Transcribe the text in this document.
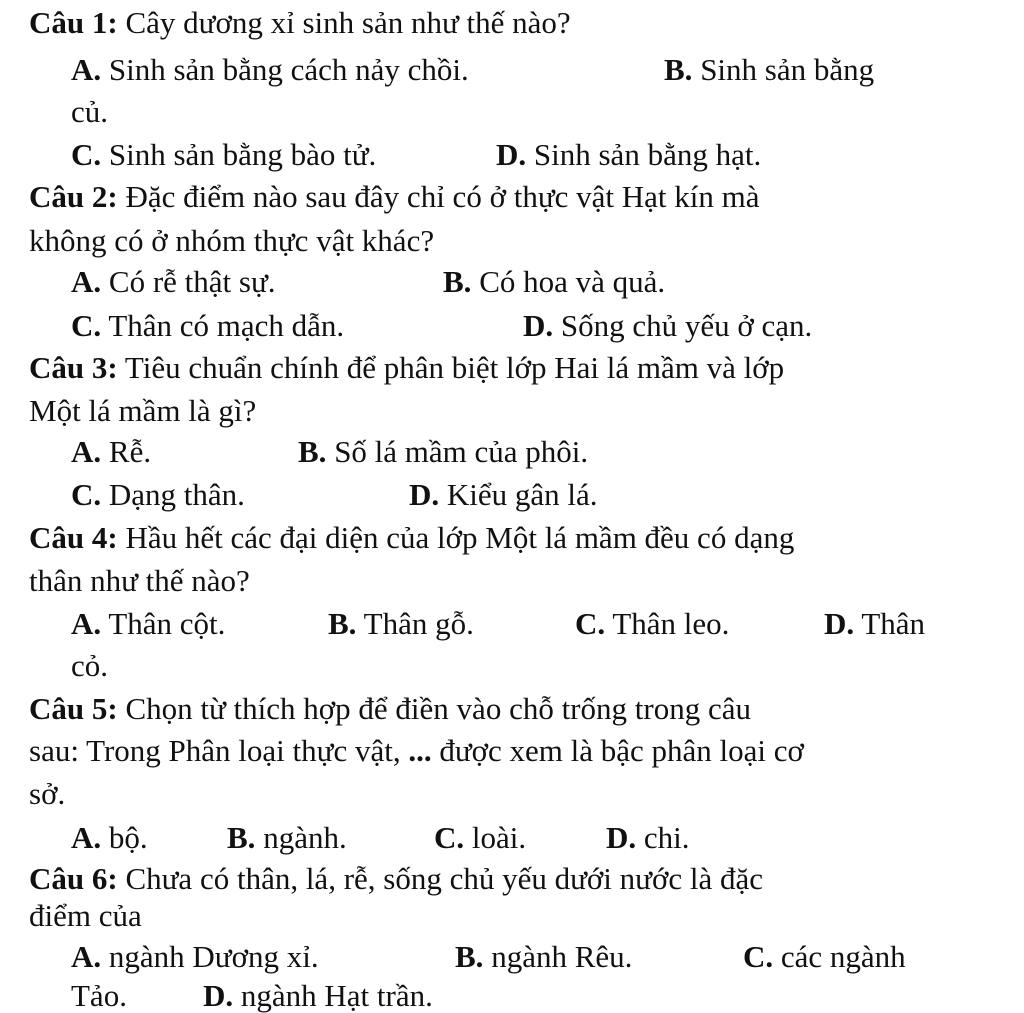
Câu 1: Cây dương xỉ sinh sản như thế nào?
A. Sinh sản bằng cách nảy chồi.	B. Sinh sản bằng
củ.
C. Sinh sản bằng bào tử.	D. Sinh sản bằng hạt.
Câu 2: Đặc điểm nào sau đây chỉ có ở thực vật Hạt kín mà
không có ở nhóm thực vật khác?
A. Có rễ thật sự.	B. Có hoa và quả.
C. Thân có mạch dẫn.	D. Sống chủ yếu ở cạn.
Câu 3: Tiêu chuẩn chính để phân biệt lớp Hai lá mầm và lớp
Một lá mầm là gì?
A. Rễ.	B. Số lá mầm của phôi.
C. Dạng thân.	D. Kiểu gân lá.
Câu 4: Hầu hết các đại diện của lớp Một lá mầm đều có dạng
thân như thế nào?
A. Thân cột.	B. Thân gỗ.	C. Thân leo.	D. Thân
cỏ.
Câu 5: Chọn từ thích hợp để điền vào chỗ trống trong câu
sau: Trong Phân loại thực vật, ... được xem là bậc phân loại cơ
sở.
A. bộ.	B. ngành.	C. loài.	D. chi.
Câu 6: Chưa có thân, lá, rễ, sống chủ yếu dưới nước là đặc
điểm của
A. ngành Dương xỉ.	B. ngành Rêu.	C. các ngành
Tảo. D. ngành Hạt trần.
